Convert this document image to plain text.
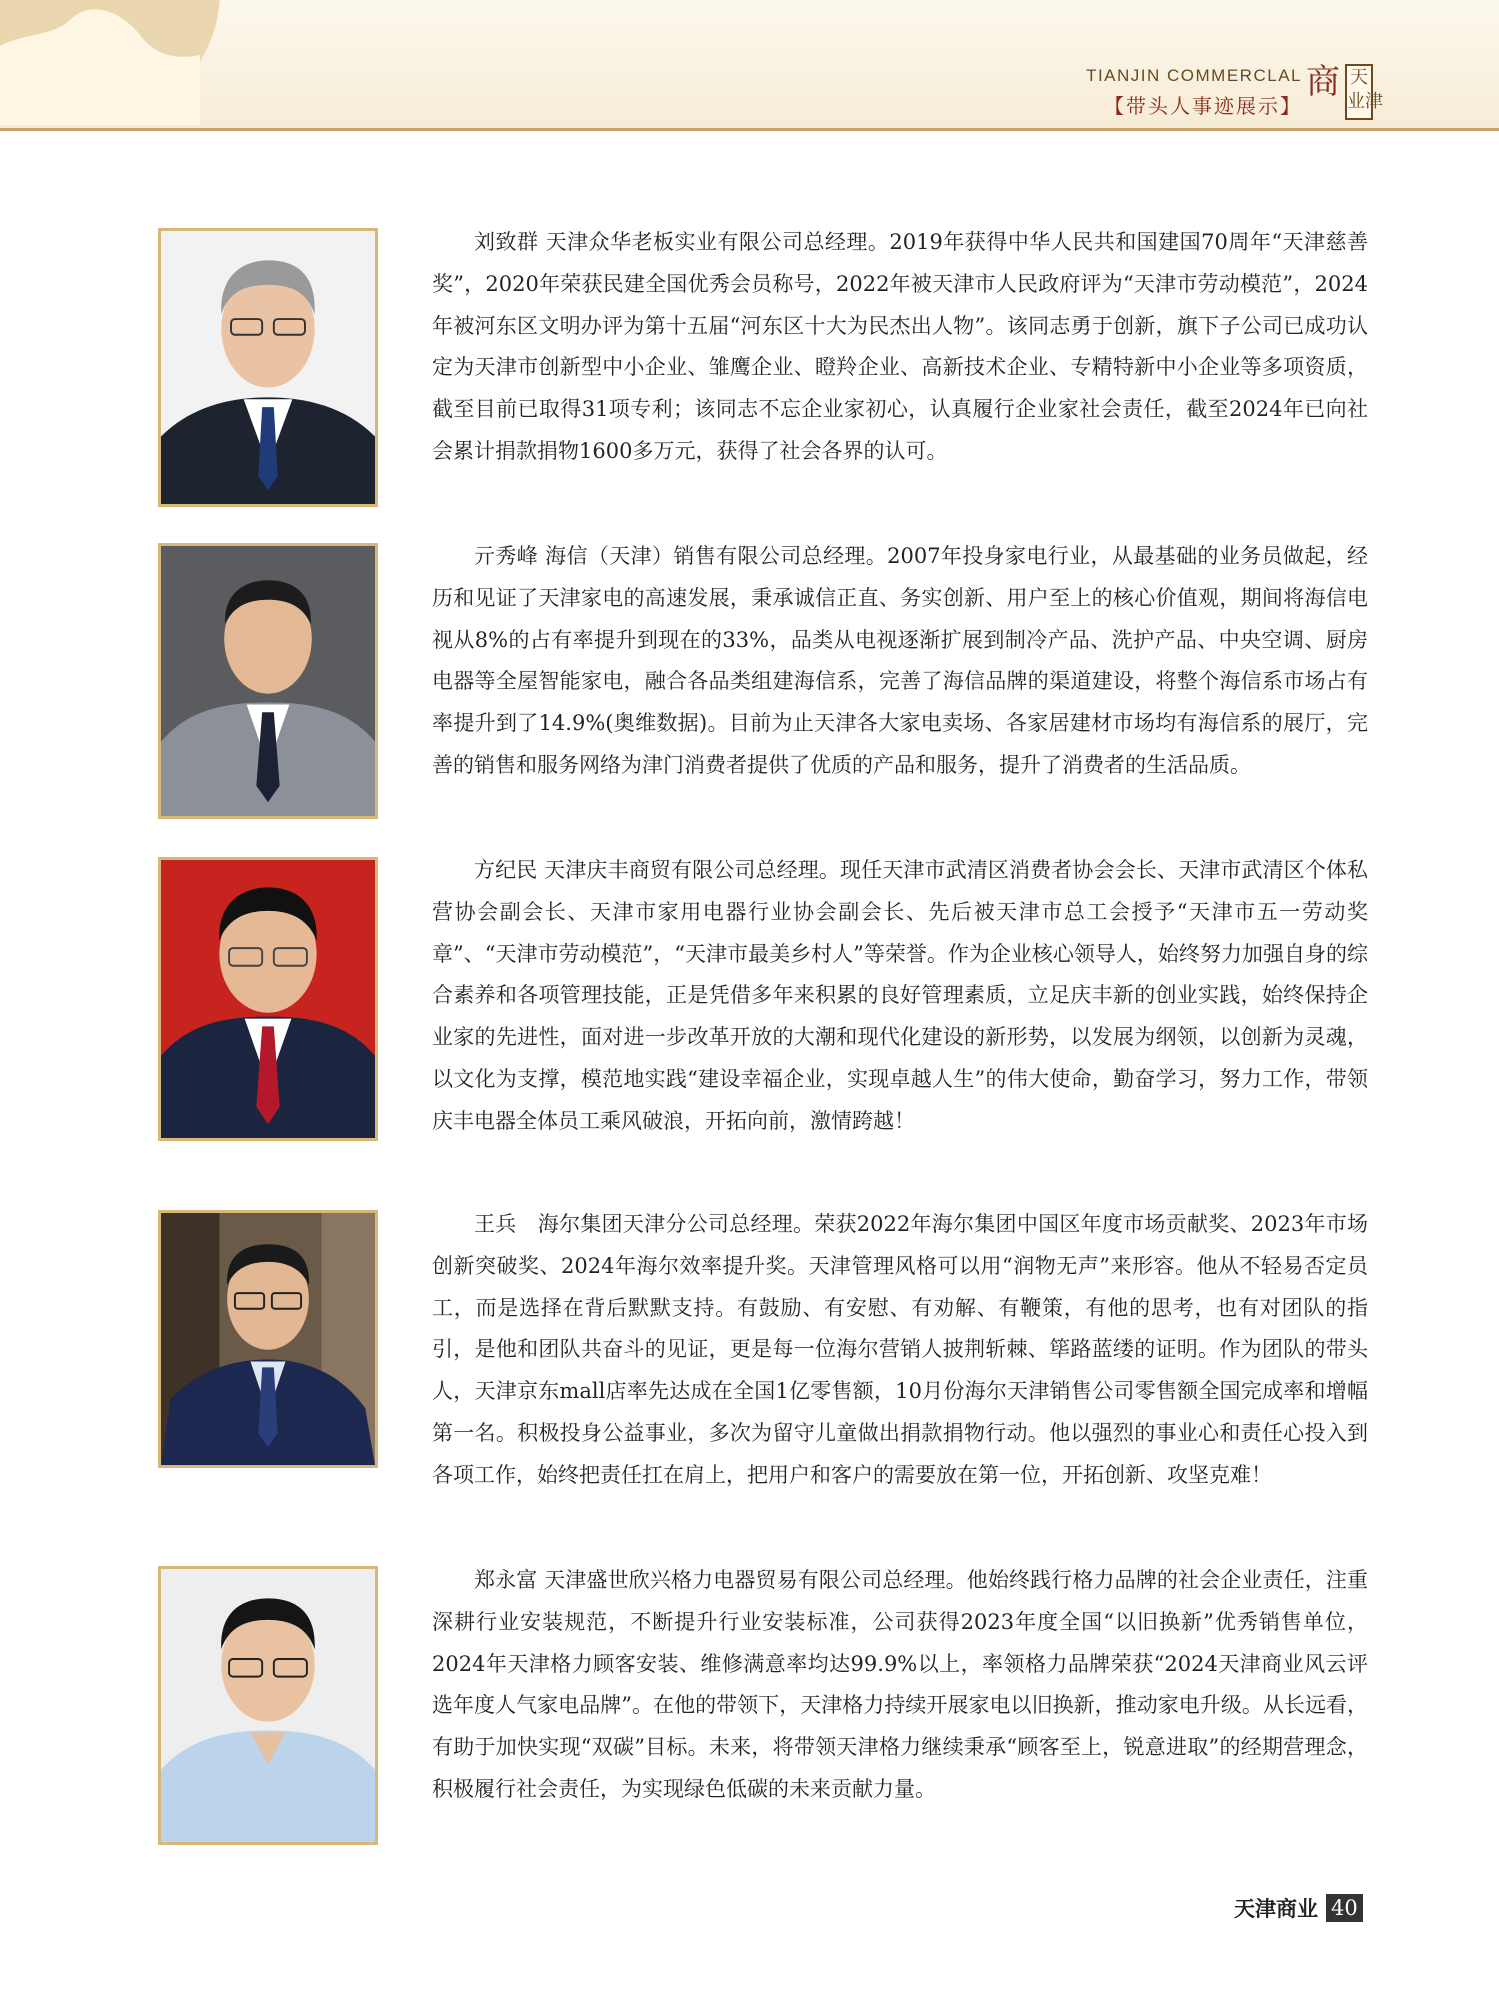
TIANJIN COMMERCLAL
【带头人事迹展示】
商 天
业津

刘致群 天津众华老板实业有限公司总经理。2019年获得中华人民共和国建国70周年“天津慈善奖”，2020年荣获民建全国优秀会员称号，2022年被天津市人民政府评为“天津市劳动模范”，2024年被河东区文明办评为第十五届“河东区十大为民杰出人物”。该同志勇于创新，旗下子公司已成功认定为天津市创新型中小企业、雏鹰企业、瞪羚企业、高新技术企业、专精特新中小企业等多项资质，截至目前已取得31项专利；该同志不忘企业家初心，认真履行企业家社会责任，截至2024年已向社会累计捐款捐物1600多万元，获得了社会各界的认可。

亓秀峰 海信（天津）销售有限公司总经理。2007年投身家电行业，从最基础的业务员做起，经历和见证了天津家电的高速发展，秉承诚信正直、务实创新、用户至上的核心价值观，期间将海信电视从8%的占有率提升到现在的33%，品类从电视逐渐扩展到制冷产品、洗护产品、中央空调、厨房电器等全屋智能家电，融合各品类组建海信系，完善了海信品牌的渠道建设，将整个海信系市场占有率提升到了14.9%(奥维数据)。目前为止天津各大家电卖场、各家居建材市场均有海信系的展厅，完善的销售和服务网络为津门消费者提供了优质的产品和服务，提升了消费者的生活品质。

方纪民 天津庆丰商贸有限公司总经理。现任天津市武清区消费者协会会长、天津市武清区个体私营协会副会长、天津市家用电器行业协会副会长、先后被天津市总工会授予“天津市五一劳动奖章”、“天津市劳动模范”，“天津市最美乡村人”等荣誉。作为企业核心领导人，始终努力加强自身的综合素养和各项管理技能，正是凭借多年来积累的良好管理素质，立足庆丰新的创业实践，始终保持企业家的先进性，面对进一步改革开放的大潮和现代化建设的新形势，以发展为纲领，以创新为灵魂，以文化为支撑，模范地实践“建设幸福企业，实现卓越人生”的伟大使命，勤奋学习，努力工作，带领庆丰电器全体员工乘风破浪，开拓向前，激情跨越！

王兵　海尔集团天津分公司总经理。荣获2022年海尔集团中国区年度市场贡献奖、2023年市场创新突破奖、2024年海尔效率提升奖。天津管理风格可以用“润物无声”来形容。他从不轻易否定员工，而是选择在背后默默支持。有鼓励、有安慰、有劝解、有鞭策，有他的思考，也有对团队的指引，是他和团队共奋斗的见证，更是每一位海尔营销人披荆斩棘、筚路蓝缕的证明。作为团队的带头人，天津京东mall店率先达成在全国1亿零售额，10月份海尔天津销售公司零售额全国完成率和增幅第一名。积极投身公益事业，多次为留守儿童做出捐款捐物行动。他以强烈的事业心和责任心投入到各项工作，始终把责任扛在肩上，把用户和客户的需要放在第一位，开拓创新、攻坚克难！

郑永富 天津盛世欣兴格力电器贸易有限公司总经理。他始终践行格力品牌的社会企业责任，注重深耕行业安装规范，不断提升行业安装标准，公司获得2023年度全国“以旧换新”优秀销售单位，2024年天津格力顾客安装、维修满意率均达99.9%以上，率领格力品牌荣获“2024天津商业风云评选年度人气家电品牌”。在他的带领下，天津格力持续开展家电以旧换新，推动家电升级。从长远看，有助于加快实现“双碳”目标。未来，将带领天津格力继续秉承“顾客至上，锐意进取”的经期营理念，积极履行社会责任，为实现绿色低碳的未来贡献力量。

天津商业 40
